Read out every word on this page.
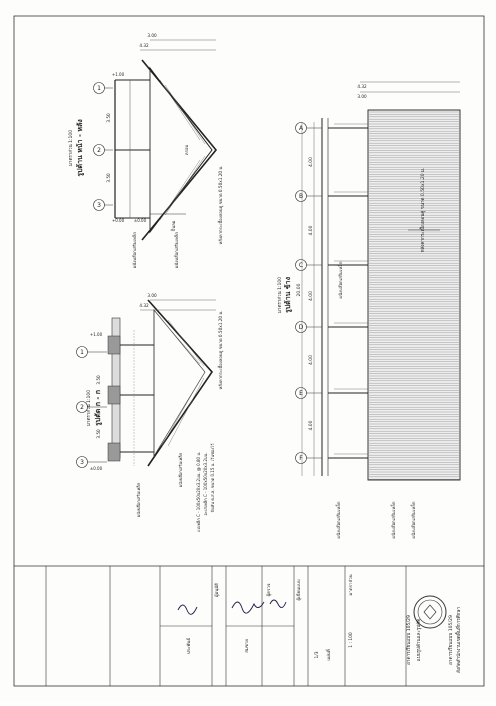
A
4.00
B
4.00
C
4.00
D
4.00
E
4.00
F
20.00
หลังคากระเบื้องลอนคู่ ขนาด 0.50x1.20 ม.
รูปด้าน ข้าง
มาตราส่วน 1:100
4.32
3.00
ผนังบล๊อกเสริมเหล็ก
ผนังบล๊อกเสริมเหล็ก	ผนังบล๊อกเสริมเหล็ก	ผนังบล๊อกเสริมเหล็ก
1
2
3
รูปด้าน หน้า - หลัง
มาตราส่วน 1:100
หลังคากระเบื้องลอนคู่ ขนาด 0.50x1.20 ม.
ครอบ
ปั้นลม
+1.00
+0.00 ±0.00
3.50
3.50
4.32
3.00
ผนังบล๊อกเสริมเหล็ก	ผนังบล๊อกเสริมเหล็ก
1
2
3
รูปตัด ก - ก
มาตราส่วน 1:100
หลังคากระเบื้องลอนคู่ ขนาด 0.50x1.20 ม.
จันทัน ค.ส.ล. ขนาด 0.15 ม. เว้นช่องไว้
อะเสเหล็ก C - 100x50x20x3.2มม.
แปเหล็ก C - 100x50x20x3.2มม. @ 0.80 ม.
ผนังบล๊อกเสริมเหล็ก
ผนังบล๊อกเสริมเหล็ก
3.50
3.50
+1.00
±0.00
4.32
3.00
สังกัดสำนักงานเขตพื้นที่การศึกษา
อาคารเรียนแบบ 105/29
แบบรูปด้านและรูปตัด
อาคารเรียนแบบ 105/29
มาตราส่วน
1 : 100
แผ่นที่
1/3
ผู้เขียนแบบ
ผู้ตรวจ
ผู้อนุมัติ
สมชาย
ประพันธ์
